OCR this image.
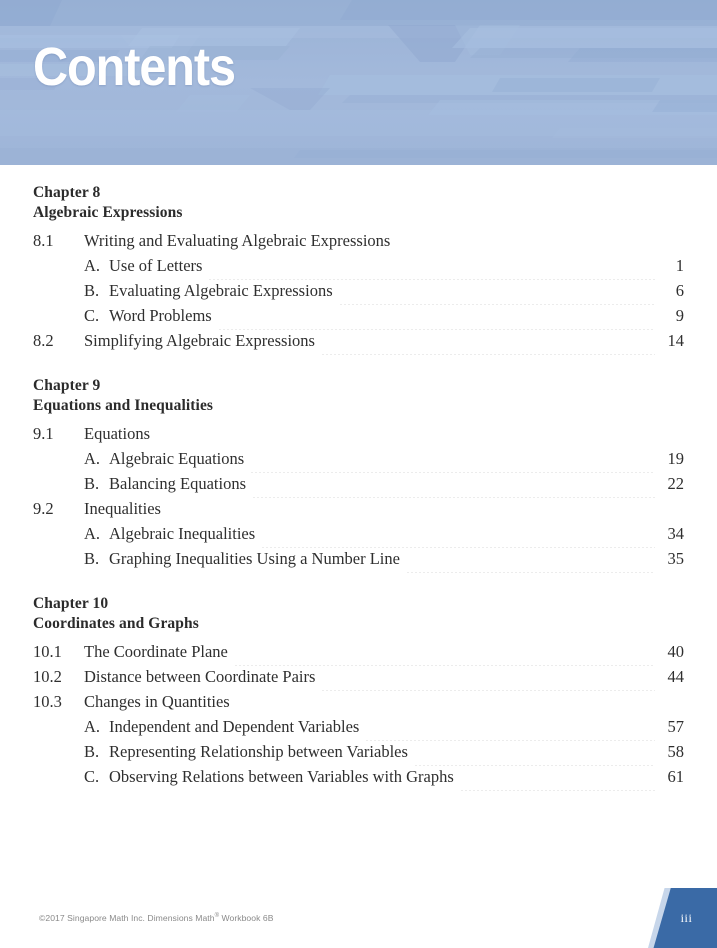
Contents
Chapter 8
Algebraic Expressions
8.1	Writing and Evaluating Algebraic Expressions
A. Use of Letters	1
B. Evaluating Algebraic Expressions	6
C. Word Problems	9
8.2	Simplifying Algebraic Expressions	14
Chapter 9
Equations and Inequalities
9.1	Equations
A. Algebraic Equations	19
B. Balancing Equations	22
9.2	Inequalities
A. Algebraic Inequalities	34
B. Graphing Inequalities Using a Number Line	35
Chapter 10
Coordinates and Graphs
10.1	The Coordinate Plane	40
10.2	Distance between Coordinate Pairs	44
10.3	Changes in Quantities
A. Independent and Dependent Variables	57
B. Representing Relationship between Variables	58
C. Observing Relations between Variables with Graphs	61
©2017 Singapore Math Inc. Dimensions Math® Workbook 6B	iii
